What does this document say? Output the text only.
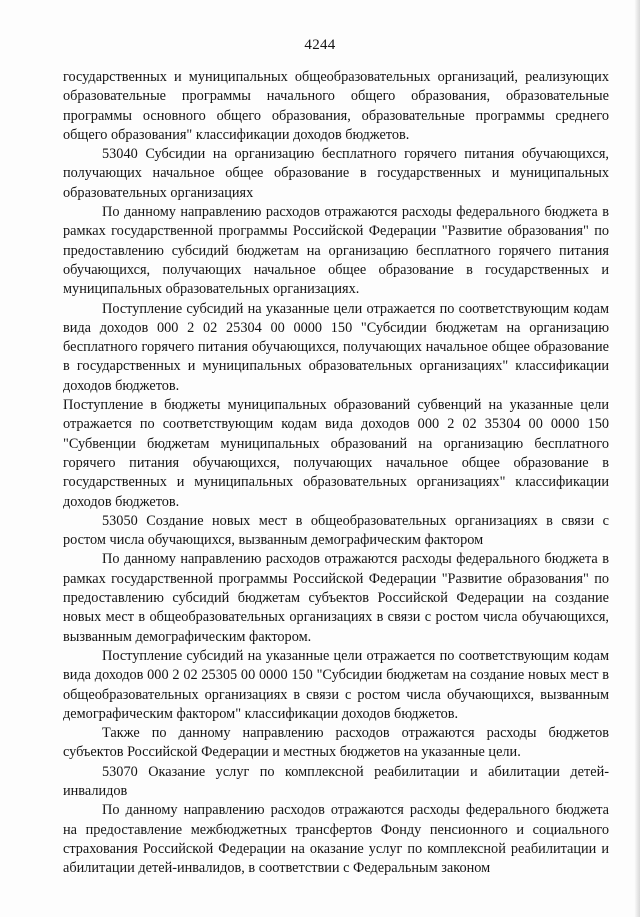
4244

государственных и муниципальных общеобразовательных организаций, реализующих образовательные программы начального общего образования, образовательные программы основного общего образования, образовательные программы среднего общего образования" классификации доходов бюджетов.

53040 Субсидии на организацию бесплатного горячего питания обучающихся, получающих начальное общее образование в государственных и муниципальных образовательных организациях

По данному направлению расходов отражаются расходы федерального бюджета в рамках государственной программы Российской Федерации "Развитие образования" по предоставлению субсидий бюджетам на организацию бесплатного горячего питания обучающихся, получающих начальное общее образование в государственных и муниципальных образовательных организациях.

Поступление субсидий на указанные цели отражается по соответствующим кодам вида доходов 000 2 02 25304 00 0000 150 "Субсидии бюджетам на организацию бесплатного горячего питания обучающихся, получающих начальное общее образование в государственных и муниципальных образовательных организациях" классификации доходов бюджетов.

Поступление в бюджеты муниципальных образований субвенций на указанные цели отражается по соответствующим кодам вида доходов 000 2 02 35304 00 0000 150 "Субвенции бюджетам муниципальных образований на организацию бесплатного горячего питания обучающихся, получающих начальное общее образование в государственных и муниципальных образовательных организациях" классификации доходов бюджетов.

53050 Создание новых мест в общеобразовательных организациях в связи с ростом числа обучающихся, вызванным демографическим фактором

По данному направлению расходов отражаются расходы федерального бюджета в рамках государственной программы Российской Федерации "Развитие образования" по предоставлению субсидий бюджетам субъектов Российской Федерации на создание новых мест в общеобразовательных организациях в связи с ростом числа обучающихся, вызванным демографическим фактором.

Поступление субсидий на указанные цели отражается по соответствующим кодам вида доходов 000 2 02 25305 00 0000 150 "Субсидии бюджетам на создание новых мест в общеобразовательных организациях в связи с ростом числа обучающихся, вызванным демографическим фактором" классификации доходов бюджетов.

Также по данному направлению расходов отражаются расходы бюджетов субъектов Российской Федерации и местных бюджетов на указанные цели.

53070 Оказание услуг по комплексной реабилитации и абилитации детей-инвалидов

По данному направлению расходов отражаются расходы федерального бюджета на предоставление межбюджетных трансфертов Фонду пенсионного и социального страхования Российской Федерации на оказание услуг по комплексной реабилитации и абилитации детей-инвалидов, в соответствии с Федеральным законом
